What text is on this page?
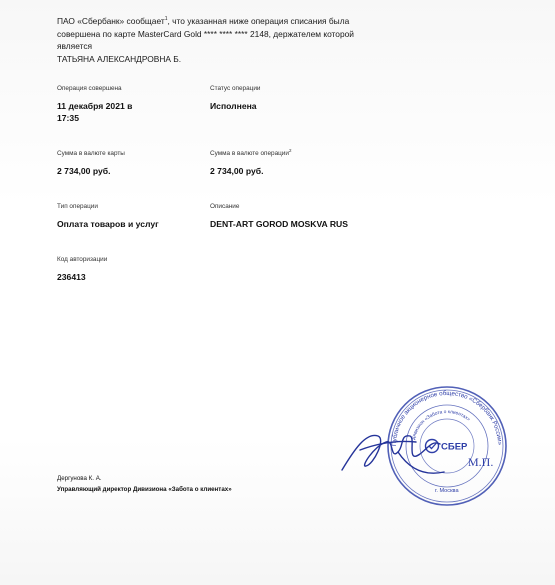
ПАО «Сбербанк» сообщает$^1$, что указанная ниже операция списания была
совершена по карте MasterCard Gold **** **** **** 2148, держателем которой является
ТАТЬЯНА АЛЕКСАНДРОВНА Б.
Операция совершена
11 декабря 2021 в
17:35
Статус операции
Исполнена
Сумма в валюте карты
2 734,00 руб.
Сумма в валюте операции$^2$
2 734,00 руб.
Тип операции
Оплата товаров и услуг
Описание
DENT-ART GOROD MOSKVA RUS
Код авторизации
236413
Дергунова К. А.
Управляющий директор Дивизиона «Забота о клиентах»
Публичное акционерное общество «Сбербанк России»
Дивизион «Забота о клиентах»
СБЕР
г. Москва
М.П.
